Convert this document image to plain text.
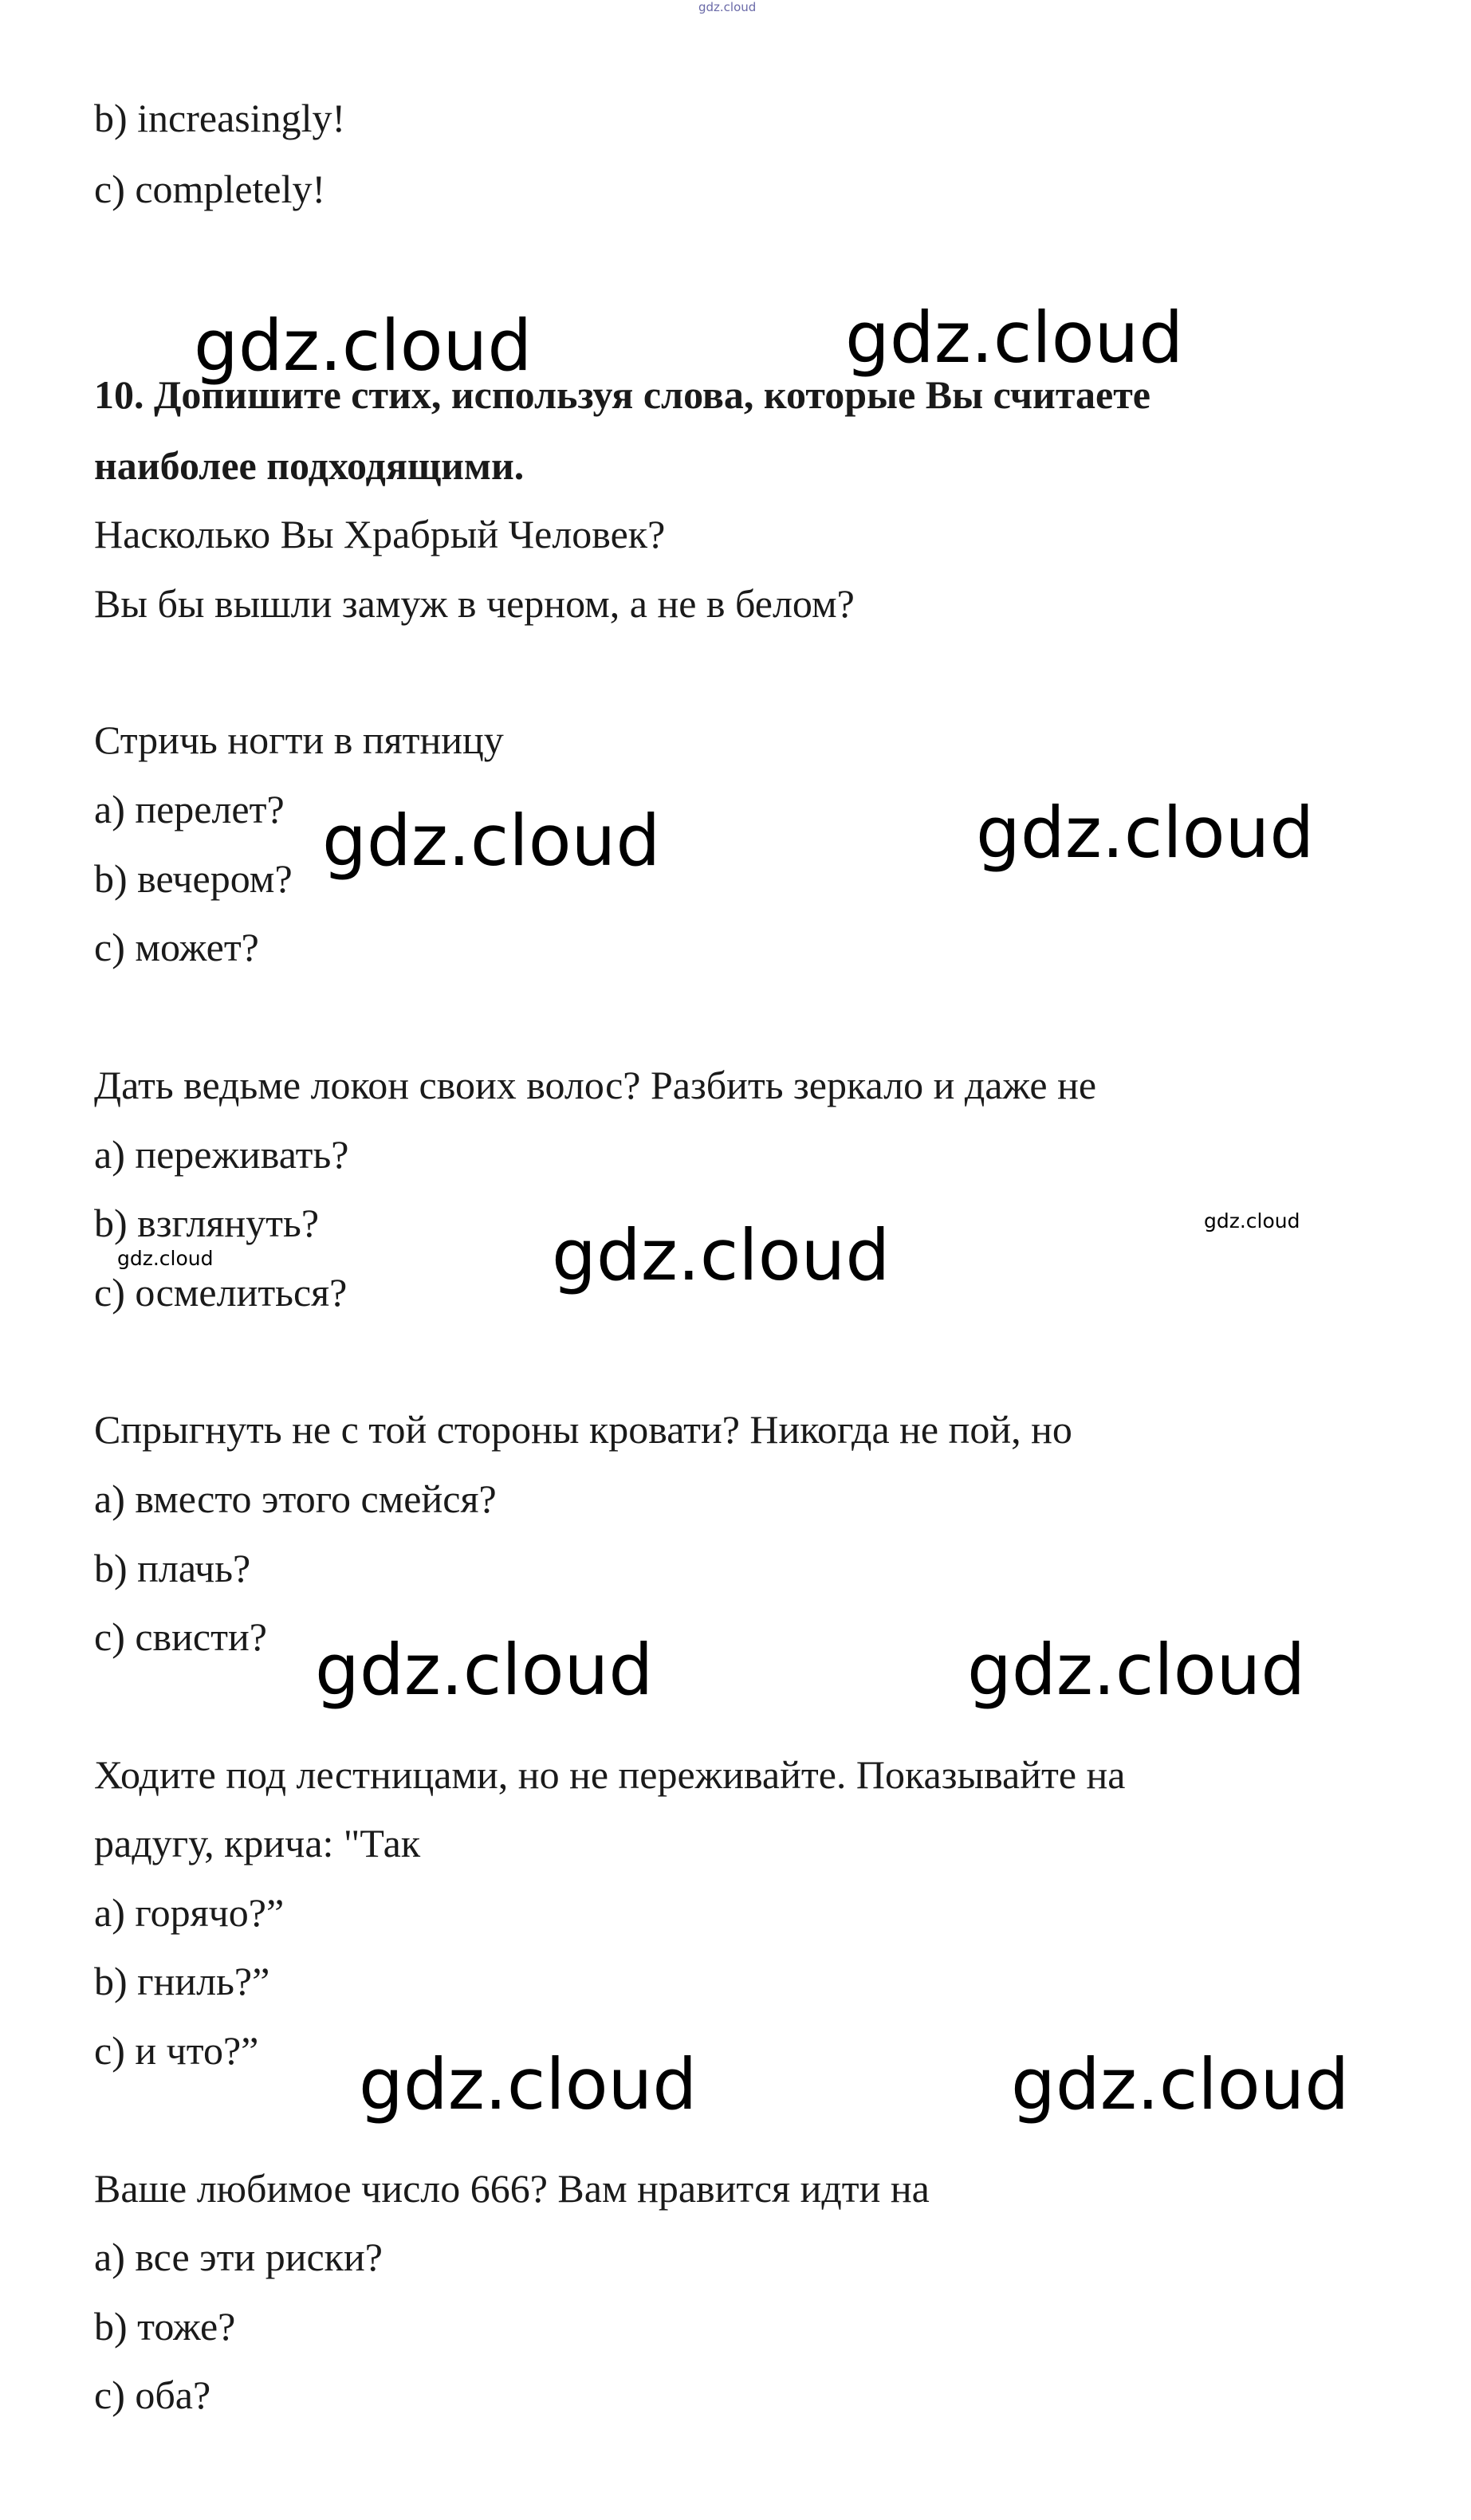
gdz.cloud
b) increasingly!
c) completely!
gdz.cloud	gdz.cloud
10. Допишите стих, используя слова, которые Вы считаете
наиболее подходящими.
Насколько Вы Храбрый Человек?
Вы бы вышли замуж в черном, а не в белом?
Стричь ногти в пятницу
a) перелет?
b) вечером?
c) может?
gdz.cloud	gdz.cloud
Дать ведьме локон своих волос? Разбить зеркало и даже не
a) переживать?
b) взглянуть?
c) осмелиться?
gdz.cloud	gdz.cloud	gdz.cloud
Спрыгнуть не с той стороны кровати? Никогда не пой, но
a) вместо этого смейся?
b) плачь?
c) свисти? gdz.cloud	gdz.cloud
Ходите под лестницами, но не переживайте. Показывайте на
радугу, крича: "Так
a) горячо?”
b) гниль?”
c) и что?” gdz.cloud	gdz.cloud
Ваше любимое число 666? Вам нравится идти на
a) все эти риски?
b) тоже?
c) оба?
